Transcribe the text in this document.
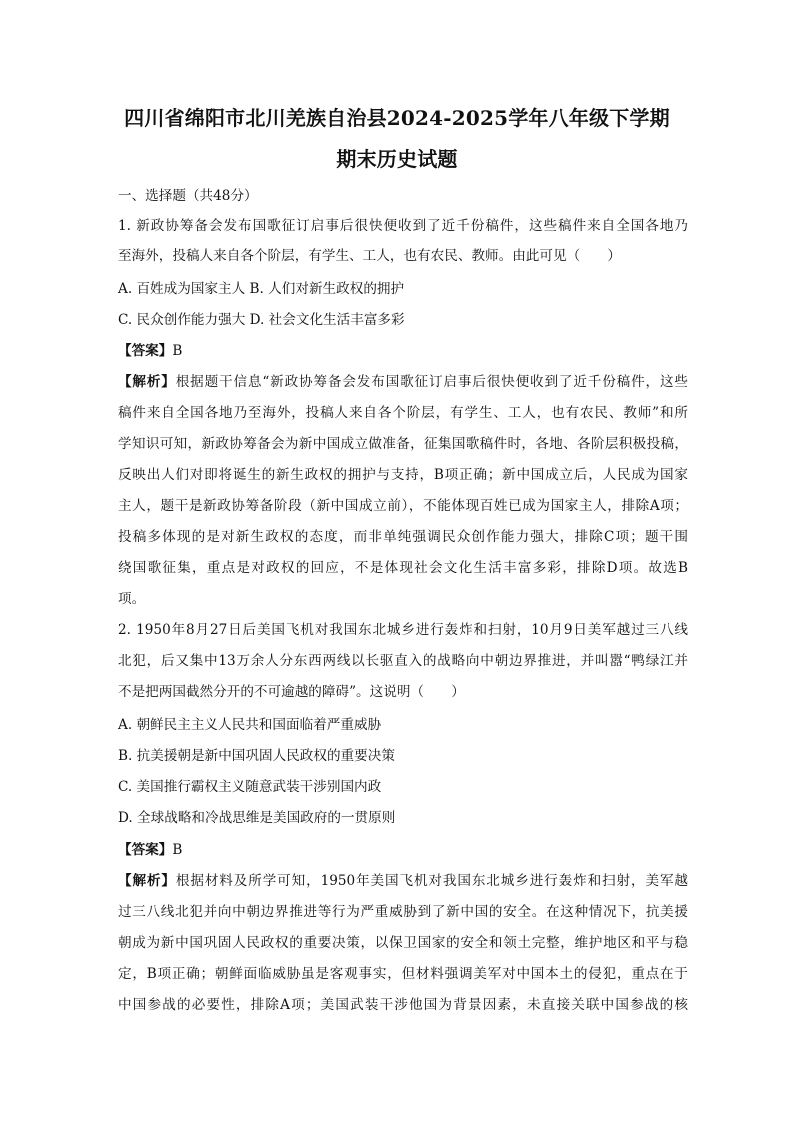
四川省绵阳市北川羌族自治县2024-2025学年八年级下学期
期末历史试题
一、选择题（共48分）
1. 新政协筹备会发布国歌征订启事后很快便收到了近千份稿件，这些稿件来自全国各地乃
至海外，投稿人来自各个阶层，有学生、工人，也有农民、教师。由此可见（　　）
A. 百姓成为国家主人 B. 人们对新生政权的拥护
C. 民众创作能力强大 D. 社会文化生活丰富多彩
【答案】B
【解析】根据题干信息“新政协筹备会发布国歌征订启事后很快便收到了近千份稿件，这些
稿件来自全国各地乃至海外，投稿人来自各个阶层，有学生、工人，也有农民、教师”和所
学知识可知，新政协筹备会为新中国成立做准备，征集国歌稿件时，各地、各阶层积极投稿，
反映出人们对即将诞生的新生政权的拥护与支持，B项正确；新中国成立后，人民成为国家
主人，题干是新政协筹备阶段（新中国成立前），不能体现百姓已成为国家主人，排除A项；
投稿多体现的是对新生政权的态度，而非单纯强调民众创作能力强大，排除C项；题干围
绕国歌征集，重点是对政权的回应，不是体现社会文化生活丰富多彩，排除D项。故选B
项。
2. 1950年8月27日后美国飞机对我国东北城乡进行轰炸和扫射，10月9日美军越过三八线
北犯，后又集中13万余人分东西两线以长驱直入的战略向中朝边界推进，并叫嚣“鸭绿江并
不是把两国截然分开的不可逾越的障碍”。这说明（　　）
A. 朝鲜民主主义人民共和国面临着严重威胁
B. 抗美援朝是新中国巩固人民政权的重要决策
C. 美国推行霸权主义随意武装干涉别国内政
D. 全球战略和冷战思维是美国政府的一贯原则
【答案】B
【解析】根据材料及所学可知，1950年美国飞机对我国东北城乡进行轰炸和扫射，美军越
过三八线北犯并向中朝边界推进等行为严重威胁到了新中国的安全。在这种情况下，抗美援
朝成为新中国巩固人民政权的重要决策，以保卫国家的安全和领土完整，维护地区和平与稳
定，B项正确；朝鲜面临威胁虽是客观事实，但材料强调美军对中国本土的侵犯，重点在于
中国参战的必要性，排除A项；美国武装干涉他国为背景因素，未直接关联中国参战的核
